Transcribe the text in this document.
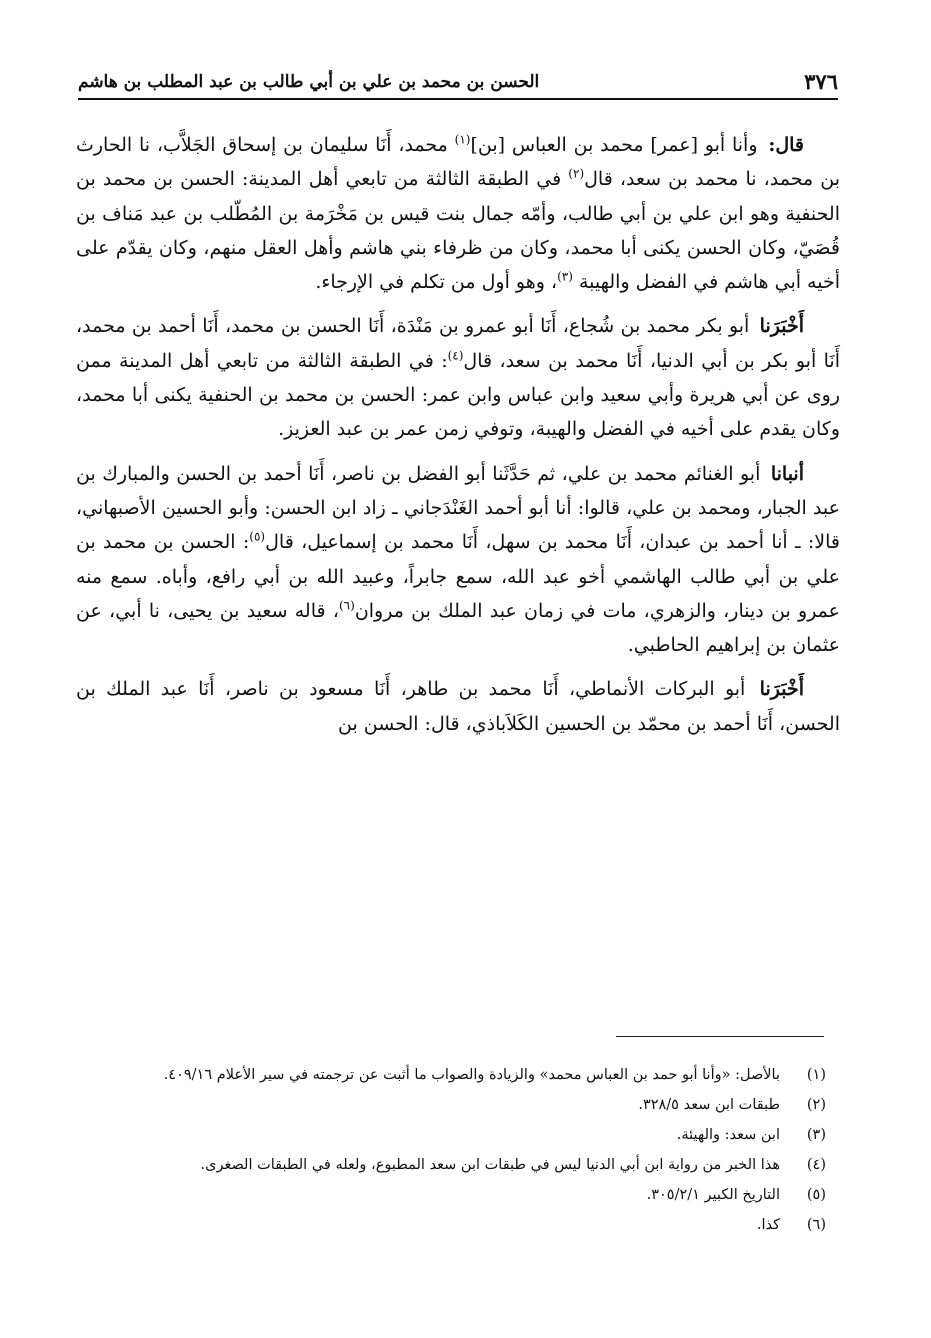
٣٧٦
الحسن بن محمد بن علي بن أبي طالب بن عبد المطلب بن هاشم

قال: وأنا أبو [عمر] محمد بن العباس [بن]$^{(١)}$ محمد، أَنَا سليمان بن إسحاق الجَلاَّب، نا الحارث بن محمد، نا محمد بن سعد، قال$^{(٢)}$ في الطبقة الثالثة من تابعي أهل المدينة: الحسن بن محمد بن الحنفية وهو ابن علي بن أبي طالب، وأمّه جمال بنت قيس بن مَخْرَمة بن المُطّلب بن عبد مَناف بن قُصَيّ، وكان الحسن يكنى أبا محمد، وكان من ظرفاء بني هاشم وأهل العقل منهم، وكان يقدّم على أخيه أبي هاشم في الفضل والهيبة $^{(٣)}$، وهو أول من تكلم في الإرجاء.

أَخْبَرَنا أبو بكر محمد بن شُجاع، أَنَا أبو عمرو بن مَنْدَة، أَنَا الحسن بن محمد، أَنَا أحمد بن محمد، أَنَا أبو بكر بن أبي الدنيا، أَنَا محمد بن سعد، قال$^{(٤)}$: في الطبقة الثالثة من تابعي أهل المدينة ممن روى عن أبي هريرة وأبي سعيد وابن عباس وابن عمر: الحسن بن محمد بن الحنفية يكنى أبا محمد، وكان يقدم على أخيه في الفضل والهيبة، وتوفي زمن عمر بن عبد العزيز.

أنبانا أبو الغنائم محمد بن علي، ثم حَدَّثَنا أبو الفضل بن ناصر، أَنَا أحمد بن الحسن والمبارك بن عبد الجبار، ومحمد بن علي، قالوا: أنا أبو أحمد الغَنْدَجاني ـ زاد ابن الحسن: وأبو الحسين الأصبهاني، قالا: ـ أنا أحمد بن عبدان، أَنَا محمد بن سهل، أَنَا محمد بن إسماعيل، قال$^{(٥)}$: الحسن بن محمد بن علي بن أبي طالب الهاشمي أخو عبد الله، سمع جابراً، وعبيد الله بن أبي رافع، وأباه. سمع منه عمرو بن دينار، والزهري، مات في زمان عبد الملك بن مروان$^{(٦)}$، قاله سعيد بن يحيى، نا أبي، عن عثمان بن إبراهيم الحاطبي.

أَخْبَرَنا أبو البركات الأنماطي، أَنَا محمد بن طاهر، أَنَا مسعود بن ناصر، أَنَا عبد الملك بن الحسن، أَنَا أحمد بن محمّد بن الحسين الكَلاَباذي، قال: الحسن بن

(١)
بالأصل: «وأنا أبو حمد بن العباس محمد» والزيادة والصواب ما أثبت عن ترجمته في سير الأعلام ٤٠٩/١٦.
(٢)
طبقات ابن سعد ٣٢٨/٥.
(٣)
ابن سعد: والهيئة.
(٤)
هذا الخبر من رواية ابن أبي الدنيا ليس في طبقات ابن سعد المطبوع، ولعله في الطبقات الصغرى.
(٥)
التاريخ الكبير ٣٠٥/٢/١.
(٦)
كذا.
